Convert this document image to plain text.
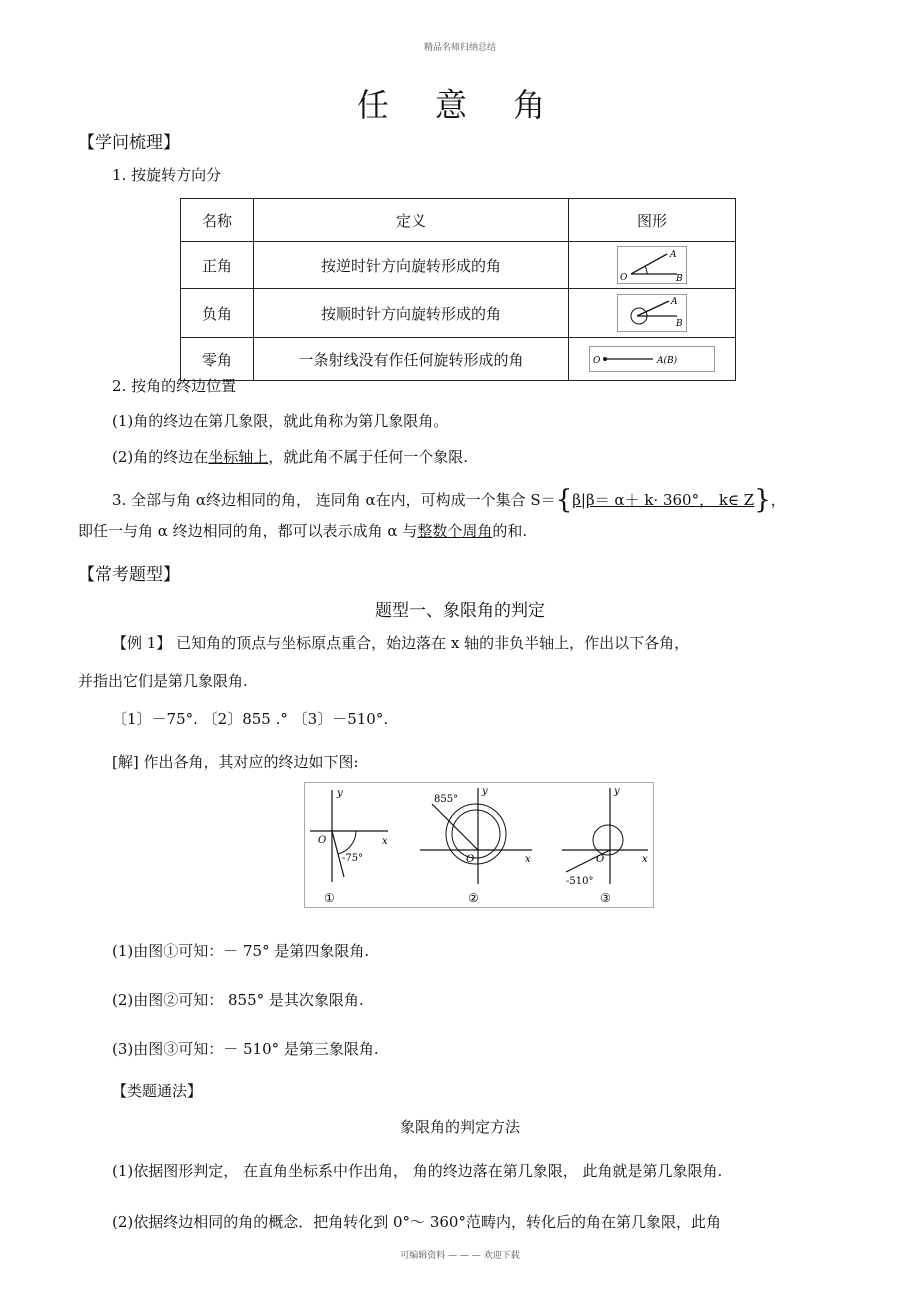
精品名师归纳总结
任 意 角
【学问梳理】
1. 按旋转方向分
名称	定义	图形
正角	按逆时针方向旋转形成的角	O
A
B

负角	按顺时针方向旋转形成的角	A
B

零角	一条射线没有作任何旋转形成的角	O A(B)
2. 按角的终边位置
(1)角的终边在第几象限，就此角称为第几象限角。
(2)角的终边在坐标轴上，就此角不属于任何一个象限.
3. 全部与角 α终边相同的角， 连同角 α在内，可构成一个集合 S＝{β|β＝ α＋ k· 360°， k∈ Z}，
即任一与角 α 终边相同的角，都可以表示成角 α 与整数个周角的和.
【常考题型】
题型一、象限角的判定
【例 1】 已知角的顶点与坐标原点重合，始边落在 x 轴的非负半轴上，作出以下各角，
并指出它们是第几象限角.
〔1〕－75°. 〔2〕855 .° 〔3〕－510°.
[解] 作出各角，其对应的终边如下图:
y
x
O
-75°
①
y
x
O
855°
②
y
x
O
-510°
③
(1)由图①可知：－ 75° 是第四象限角.
(2)由图②可知： 855° 是其次象限角.
(3)由图③可知：－ 510° 是第三象限角.
【类题通法】
象限角的判定方法
(1)依据图形判定， 在直角坐标系中作出角， 角的终边落在第几象限， 此角就是第几象限角.
(2)依据终边相同的角的概念．把角转化到 0°～ 360°范畴内，转化后的角在第几象限，此角
可编辑资料 — — — 欢迎下载
